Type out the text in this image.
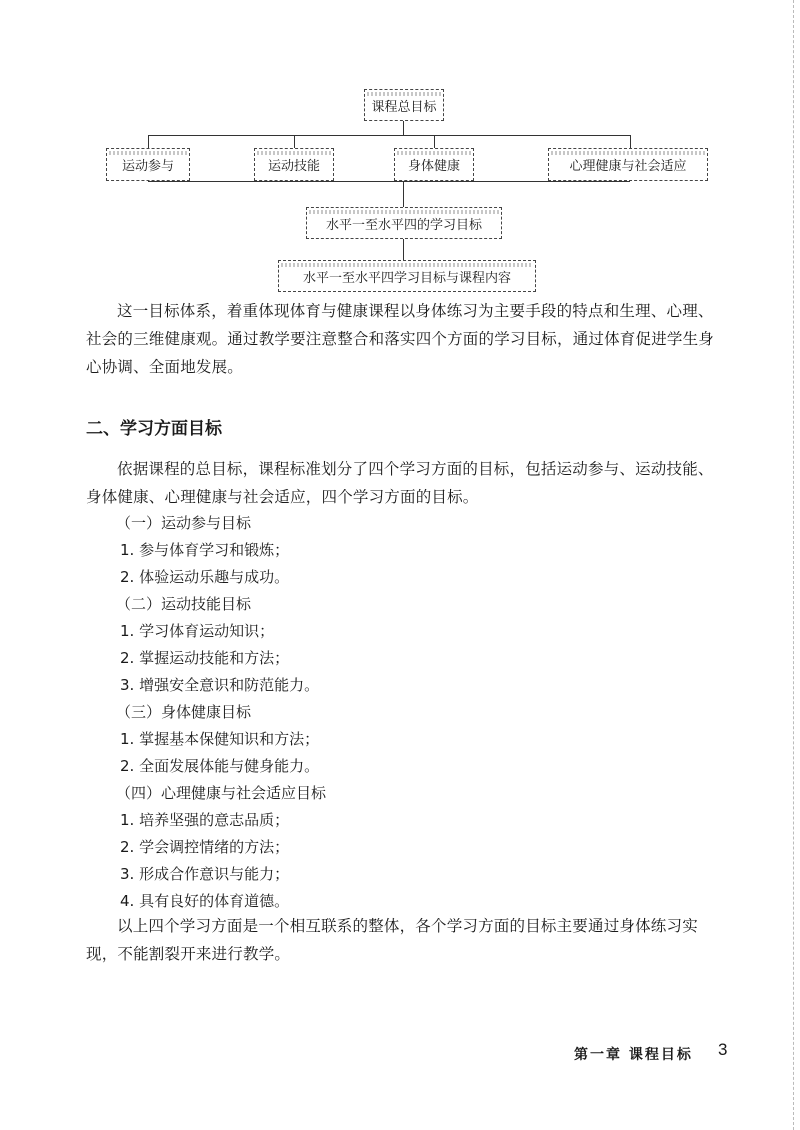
课程总目标
运动参与	运动技能	身体健康	心理健康与社会适应
水平一至水平四的学习目标
水平一至水平四学习目标与课程内容

这一目标体系，着重体现体育与健康课程以身体练习为主要手段的特点和生理、心理、社会的三维健康观。通过教学要注意整合和落实四个方面的学习目标，通过体育促进学生身心协调、全面地发展。

二、学习方面目标

依据课程的总目标，课程标准划分了四个学习方面的目标，包括运动参与、运动技能、身体健康、心理健康与社会适应，四个学习方面的目标。

（一）运动参与目标

1. 参与体育学习和锻炼；

2. 体验运动乐趣与成功。

（二）运动技能目标

1. 学习体育运动知识；

2. 掌握运动技能和方法；

3. 增强安全意识和防范能力。

（三）身体健康目标

1. 掌握基本保健知识和方法；

2. 全面发展体能与健身能力。

（四）心理健康与社会适应目标

1. 培养坚强的意志品质；

2. 学会调控情绪的方法；

3. 形成合作意识与能力；

4. 具有良好的体育道德。

以上四个学习方面是一个相互联系的整体，各个学习方面的目标主要通过身体练习实现，不能割裂开来进行教学。

第一章 课程目标 3
